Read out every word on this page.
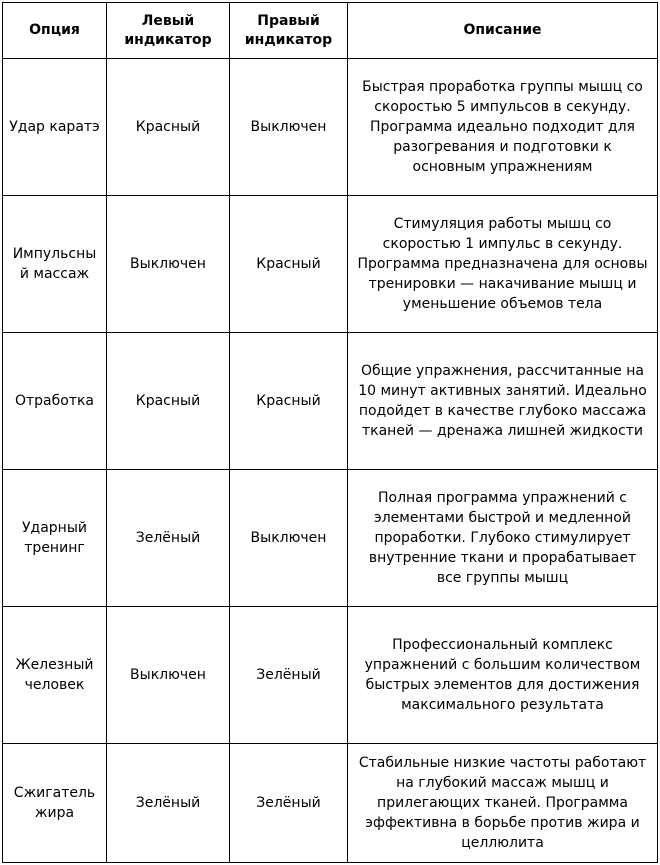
Опция	Левый индикатор	Правый индикатор	Описание
Удар каратэ	Красный	Выключен	Быстрая проработка группы мышц со скоростью 5 импульсов в секунду. Программа идеально подходит для разогревания и подготовки к основным упражнениям
Импульсный массаж	Выключен	Красный	Стимуляция работы мышц со скоростью 1 импульс в секунду. Программа предназначена для основы тренировки — накачивание мышц и уменьшение объемов тела
Отработка	Красный	Красный	Общие упражнения, рассчитанные на 10 минут активных занятий. Идеально подойдет в качестве глубоко массажа тканей — дренажа лишней жидкости
Ударный тренинг	Зелёный	Выключен	Полная программа упражнений с элементами быстрой и медленной проработки. Глубоко стимулирует внутренние ткани и прорабатывает все группы мышц
Железный человек	Выключен	Зелёный	Профессиональный комплекс упражнений с большим количеством быстрых элементов для достижения максимального результата
Сжигатель жира	Зелёный	Зелёный	Стабильные низкие частоты работают на глубокий массаж мышц и прилегающих тканей. Программа эффективна в борьбе против жира и целлюлита
